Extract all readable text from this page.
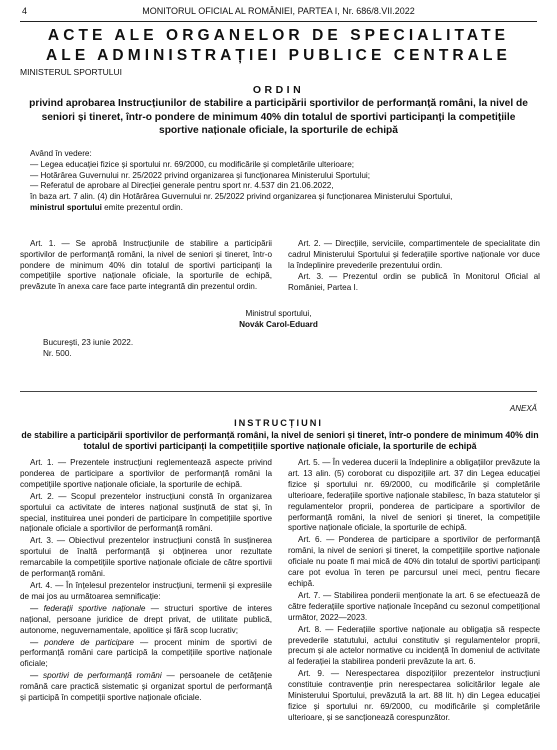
4	MONITORUL OFICIAL AL ROMÂNIEI, PARTEA I, Nr. 686/8.VII.2022
ACTE ALE ORGANELOR DE SPECIALITATE
ALE ADMINISTRAȚIEI PUBLICE CENTRALE
MINISTERUL SPORTULUI
ORDIN
privind aprobarea Instrucțiunilor de stabilire a participării sportivilor de performanță români, la nivel de seniori și tineret, într-o pondere de minimum 40% din totalul de sportivi participanți la competițiile sportive naționale oficiale, la sporturile de echipă

Având în vedere:

— Legea educației fizice și sportului nr. 69/2000, cu modificările și completările ulterioare;

— Hotărârea Guvernului nr. 25/2022 privind organizarea și funcționarea Ministerului Sportului;

— Referatul de aprobare al Direcției generale pentru sport nr. 4.537 din 21.06.2022,

în baza art. 7 alin. (4) din Hotărârea Guvernului nr. 25/2022 privind organizarea și funcționarea Ministerului Sportului,

ministrul sportului emite prezentul ordin.

Art. 1. — Se aprobă Instrucțiunile de stabilire a participării sportivilor de performanță români, la nivel de seniori și tineret, într-o pondere de minimum 40% din totalul de sportivi participanți la competițiile sportive naționale oficiale, la sporturile de echipă, prevăzute în anexa care face parte integrantă din prezentul ordin.

Art. 2. — Direcțiile, serviciile, compartimentele de specialitate din cadrul Ministerului Sportului și federațiile sportive naționale vor duce la îndeplinire prevederile prezentului ordin.

Art. 3. — Prezentul ordin se publică în Monitorul Oficial al României, Partea I.

Ministrul sportului,
Novák Carol-Eduard
București, 23 iunie 2022.
Nr. 500.
ANEXĂ
INSTRUCȚIUNI
de stabilire a participării sportivilor de performanță români, la nivel de seniori și tineret, într-o pondere de minimum 40% din totalul de sportivi participanți la competițiile sportive naționale oficiale, la sporturile de echipă

Art. 1. — Prezentele instrucțiuni reglementează aspecte privind ponderea de participare a sportivilor de performanță români la competițiile sportive naționale oficiale, la sporturile de echipă.

Art. 2. — Scopul prezentelor instrucțiuni constă în organizarea sportului ca activitate de interes național susținută de stat și, în special, instituirea unei ponderi de participare în competițiile sportive naționale oficiale a sportivilor de performanță români.

Art. 3. — Obiectivul prezentelor instrucțiuni constă în susținerea sportului de înaltă performanță și obținerea unor rezultate remarcabile la competițiile sportive naționale oficiale de către sportivii de performanță români.

Art. 4. — În înțelesul prezentelor instrucțiuni, termenii și expresiile de mai jos au următoarea semnificație:

— federații sportive naționale — structuri sportive de interes național, persoane juridice de drept privat, de utilitate publică, autonome, neguvernamentale, apolitice și fără scop lucrativ;

— pondere de participare — procent minim de sportivi de performanță români care participă la competițiile sportive naționale oficiale;

— sportivi de performanță români — persoanele de cetățenie română care practică sistematic și organizat sportul de performanță și participă în competiții sportive naționale oficiale.

Art. 5. — În vederea ducerii la îndeplinire a obligațiilor prevăzute la art. 13 alin. (5) coroborat cu dispozițiile art. 37 din Legea educației fizice și sportului nr. 69/2000, cu modificările și completările ulterioare, federațiile sportive naționale stabilesc, în baza statutelor și regulamentelor proprii, ponderea de participare a sportivilor de performanță români, la nivel de seniori și tineret, la competițiile sportive naționale oficiale, la sporturile de echipă.

Art. 6. — Ponderea de participare a sportivilor de performanță români, la nivel de seniori și tineret, la competițiile sportive naționale oficiale nu poate fi mai mică de 40% din totalul de sportivi participanți care pot evolua în teren pe parcursul unei meci, pentru fiecare echipă.

Art. 7. — Stabilirea ponderii menționate la art. 6 se efectuează de către federațiile sportive naționale începând cu sezonul competițional următor, 2022—2023.

Art. 8. — Federațiile sportive naționale au obligația să respecte prevederile statutului, actului constitutiv și regulamentelor proprii, precum și ale actelor normative cu incidență în domeniul de activitate al federației la stabilirea ponderii prevăzute la art. 6.

Art. 9. — Nerespectarea dispozițiilor prezentelor instrucțiuni constituie contravenție prin nerespectarea solicitărilor legale ale Ministerului Sportului, prevăzută la art. 88 lit. h) din Legea educației fizice și sportului nr. 69/2000, cu modificările și completările ulterioare, și se sancționează corespunzător.
